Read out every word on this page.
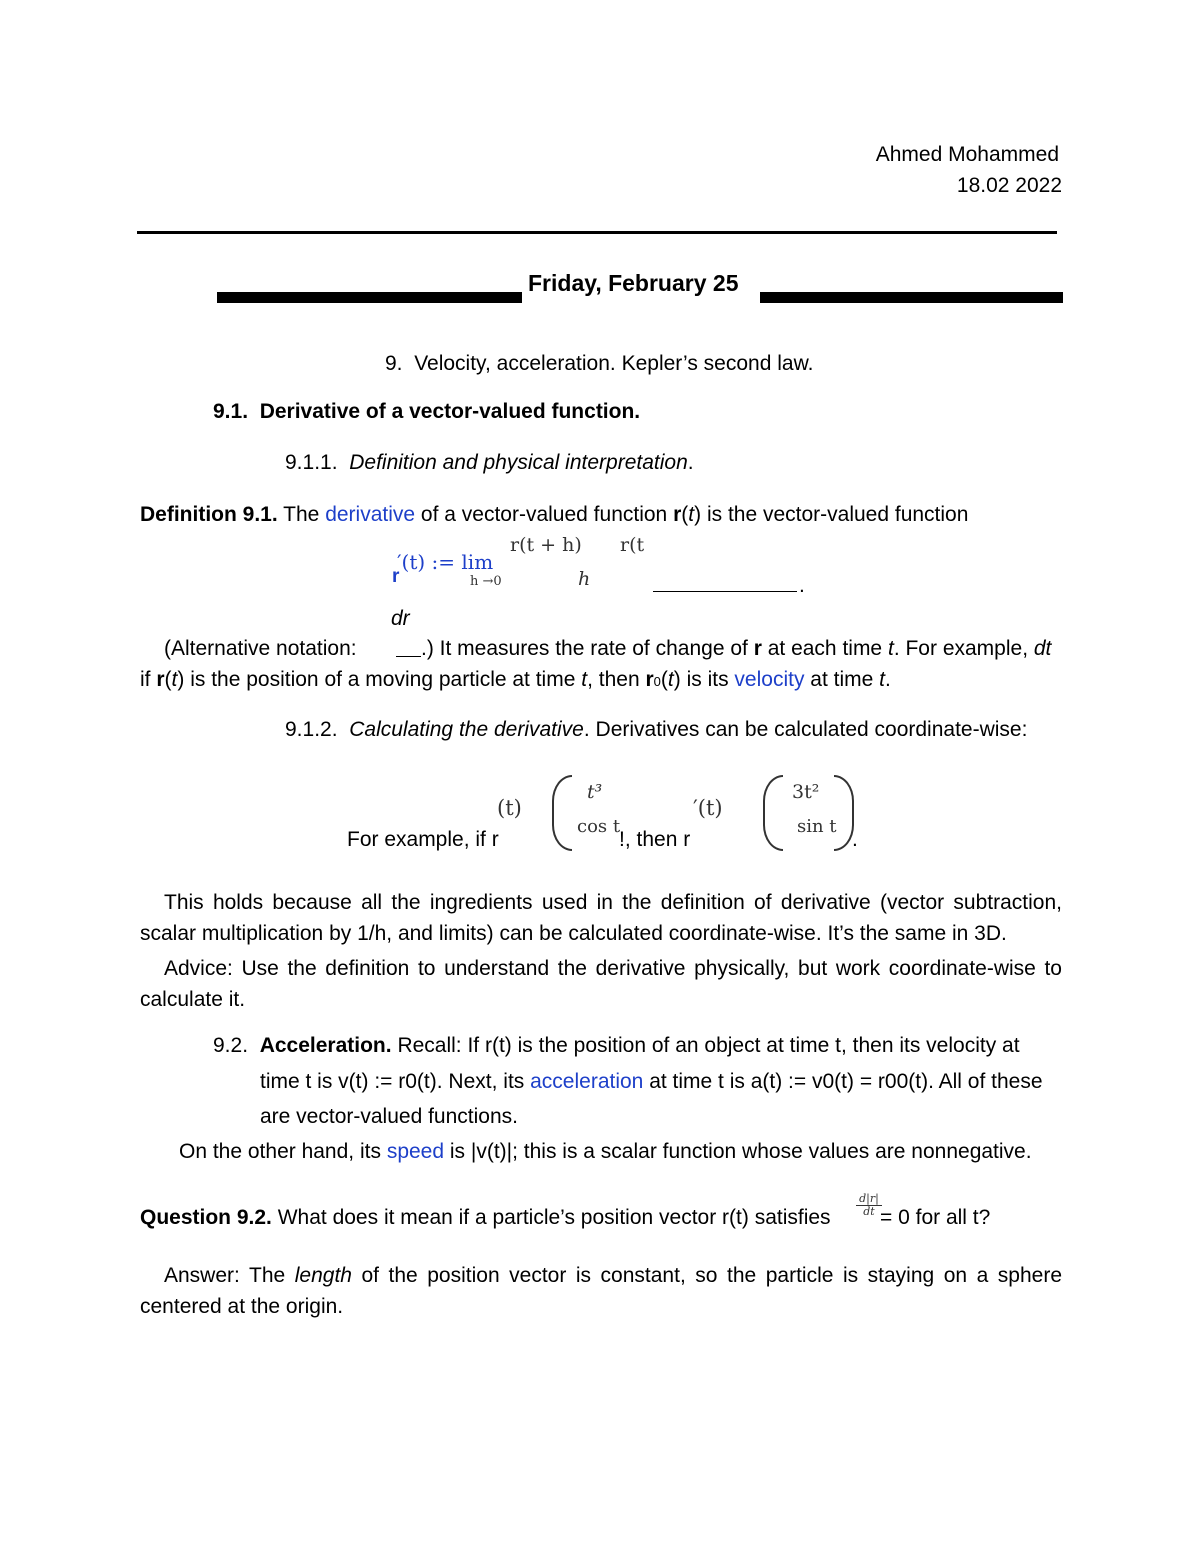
Ahmed Mohammed
18.02 2022
Friday, February 25
9. Velocity, acceleration. Kepler’s second law.
9.1. Derivative of a vector-valued function.
9.1.1. Definition and physical interpretation.
Definition 9.1. The derivative of a vector-valued function r(t) is the vector-valued function
′(t) := lim
r	h →0
r(t + h) r(t
h	.
dr
(Alternative notation:	.) It measures the rate of change of r at each time t. For example, dt
if r(t) is the position of a moving particle at time t, then r0(t) is its velocity at time t.
9.1.2. Calculating the derivative. Derivatives can be calculated coordinate-wise:
For example, if r
(t)
t³
cos t
!, then r
′(t)
3t²
sin t
.
This holds because all the ingredients used in the definition of derivative (vector subtraction, scalar multiplication by 1/h, and limits) can be calculated coordinate-wise. It’s the same in 3D.
Advice: Use the definition to understand the derivative physically, but work coordinate-wise to calculate it.
9.2. Acceleration. Recall: If r(t) is the position of an object at time t, then its velocity at
time t is v(t) := r0(t). Next, its acceleration at time t is a(t) := v0(t) = r00(t). All of these
are vector-valued functions.
On the other hand, its speed is |v(t)|; this is a scalar function whose values are nonnegative.
Question 9.2. What does it mean if a particle’s position vector r(t) satisfies
d|r|
dt = 0 for all t?
Answer: The length of the position vector is constant, so the particle is staying on a sphere centered at the origin.
